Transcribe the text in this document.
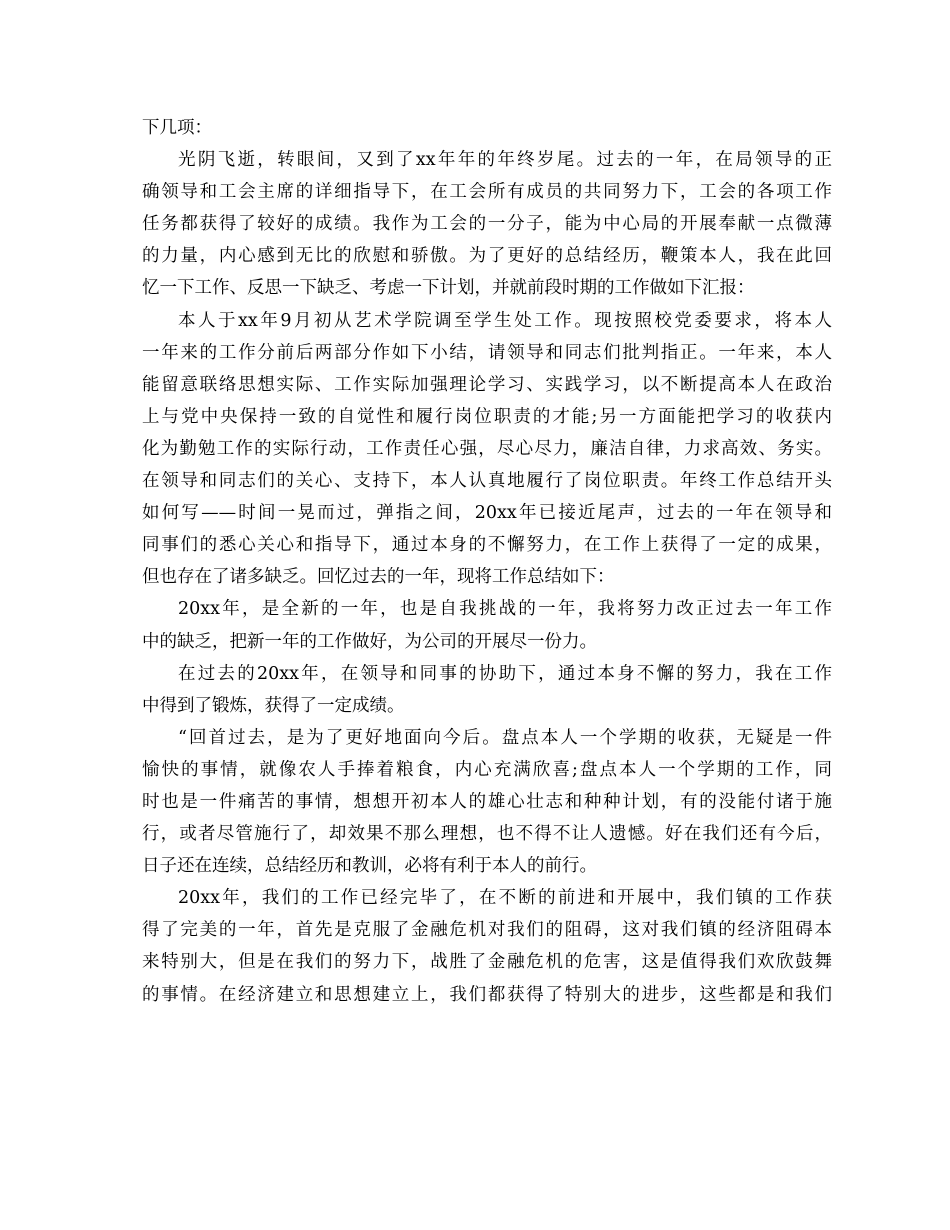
下几项：
光阴飞逝，转眼间，又到了xx年年的年终岁尾。过去的一年，在局领导的正
确领导和工会主席的详细指导下，在工会所有成员的共同努力下，工会的各项工作
任务都获得了较好的成绩。我作为工会的一分子，能为中心局的开展奉献一点微薄
的力量，内心感到无比的欣慰和骄傲。为了更好的总结经历，鞭策本人，我在此回
忆一下工作、反思一下缺乏、考虑一下计划，并就前段时期的工作做如下汇报：
本人于xx年9月初从艺术学院调至学生处工作。现按照校党委要求，将本人
一年来的工作分前后两部分作如下小结，请领导和同志们批判指正。一年来，本人
能留意联络思想实际、工作实际加强理论学习、实践学习，以不断提高本人在政治
上与党中央保持一致的自觉性和履行岗位职责的才能;另一方面能把学习的收获内
化为勤勉工作的实际行动，工作责任心强，尽心尽力，廉洁自律，力求高效、务实。
在领导和同志们的关心、支持下，本人认真地履行了岗位职责。年终工作总结开头
如何写——时间一晃而过，弹指之间，20xx年已接近尾声，过去的一年在领导和
同事们的悉心关心和指导下，通过本身的不懈努力，在工作上获得了一定的成果，
但也存在了诸多缺乏。回忆过去的一年，现将工作总结如下：
20xx年，是全新的一年，也是自我挑战的一年，我将努力改正过去一年工作
中的缺乏，把新一年的工作做好，为公司的开展尽一份力。
在过去的20xx年，在领导和同事的协助下，通过本身不懈的努力，我在工作
中得到了锻炼，获得了一定成绩。
“回首过去，是为了更好地面向今后。盘点本人一个学期的收获，无疑是一件
愉快的事情，就像农人手捧着粮食，内心充满欣喜;盘点本人一个学期的工作，同
时也是一件痛苦的事情，想想开初本人的雄心壮志和种种计划，有的没能付诸于施
行，或者尽管施行了，却效果不那么理想，也不得不让人遗憾。好在我们还有今后，
日子还在连续，总结经历和教训，必将有利于本人的前行。
20xx年，我们的工作已经完毕了，在不断的前进和开展中，我们镇的工作获
得了完美的一年，首先是克服了金融危机对我们的阻碍，这对我们镇的经济阻碍本
来特别大，但是在我们的努力下，战胜了金融危机的危害，这是值得我们欢欣鼓舞
的事情。在经济建立和思想建立上，我们都获得了特别大的进步，这些都是和我们
